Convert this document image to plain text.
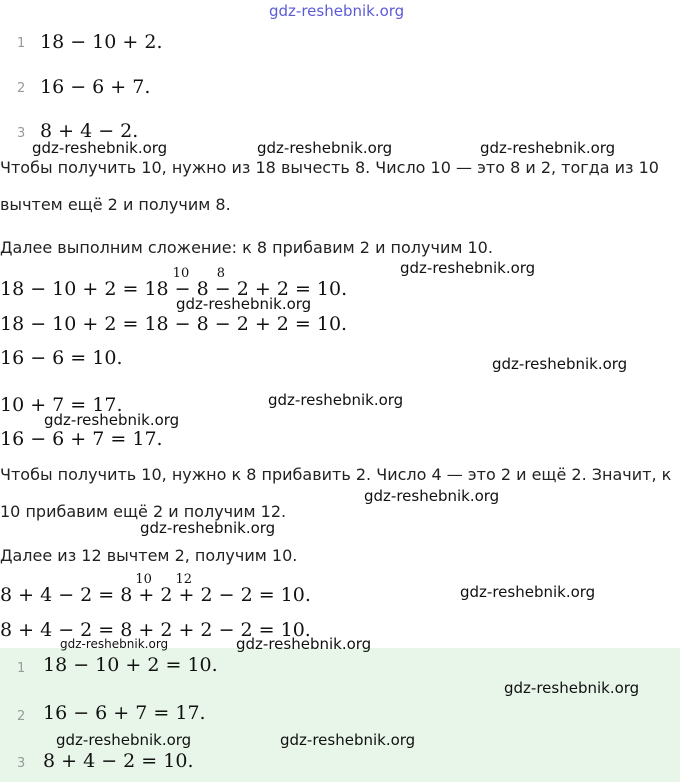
gdz-reshebnik.org
1 18 − 10 + 2.
2 16 − 6 + 7.
3 8 + 4 − 2.
Чтобы получить 10, нужно из 18 вычесть 8. Число 10 — это 8 и 2, тогда из 10
вычтем ещё 2 и получим 8.
Далее выполним сложение: к 8 прибавим 2 и получим 10.
18 − 10 + 2 = 18
10
− 8
8
− 2 + 2 = 10.
18 − 10 + 2 = 18 − 8 − 2 + 2 = 10.
16 − 6 = 10.
10 + 7 = 17.
16 − 6 + 7 = 17.
Чтобы получить 10, нужно к 8 прибавить 2. Число 4 — это 2 и ещё 2. Значит, к
10 прибавим ещё 2 и получим 12.
Далее из 12 вычтем 2, получим 10.
8 + 4 − 2 = 8
10
+ 2
12
+ 2 − 2 = 10.
8 + 4 − 2 = 8 + 2 + 2 − 2 = 10.
1 18 − 10 + 2 = 10.
2 16 − 6 + 7 = 17.
3 8 + 4 − 2 = 10.
gdz-reshebnik.org	gdz-reshebnik.org	gdz-reshebnik.org
gdz-reshebnik.org
gdz-reshebnik.org
gdz-reshebnik.org
gdz-reshebnik.org
gdz-reshebnik.org
gdz-reshebnik.org
gdz-reshebnik.org
gdz-reshebnik.org
gdz-reshebnik.org	gdz-reshebnik.org
gdz-reshebnik.org
gdz-reshebnik.org	gdz-reshebnik.org
